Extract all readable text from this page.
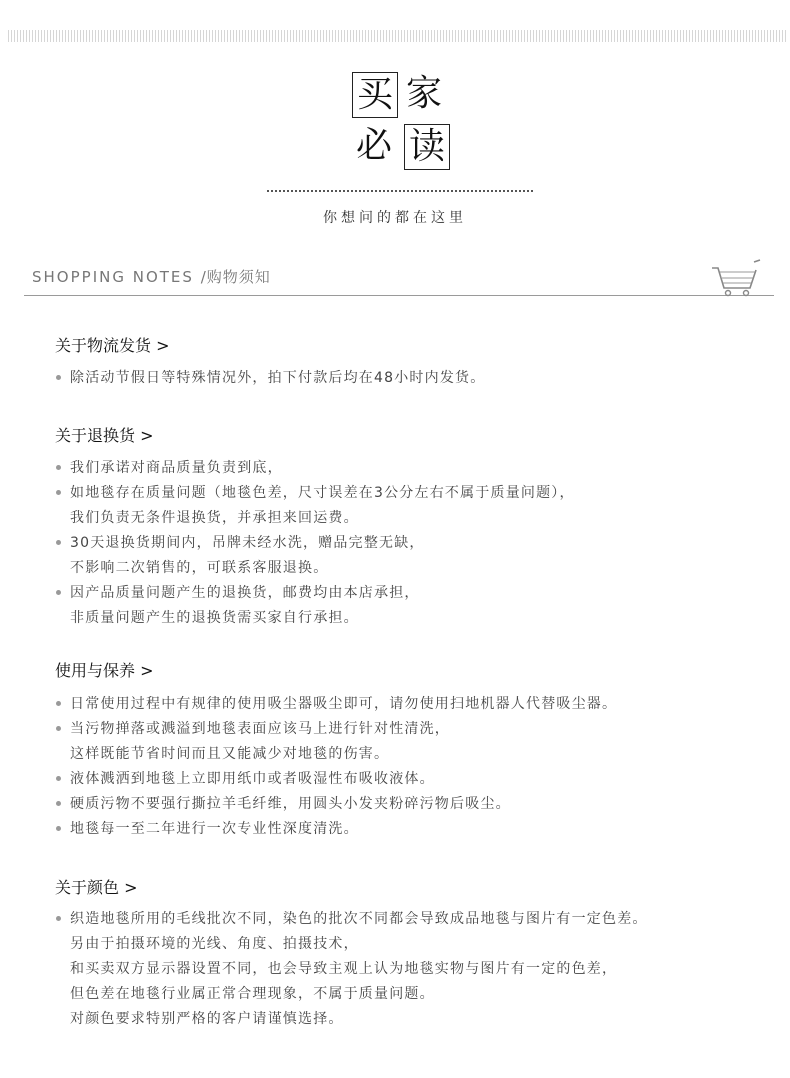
买 家
必 读
你想问的都在这里
SHOPPING NOTES /购物须知
关于物流发货 >
除活动节假日等特殊情况外，拍下付款后均在48小时内发货。
关于退换货 >
我们承诺对商品质量负责到底，
如地毯存在质量问题（地毯色差，尺寸误差在3公分左右不属于质量问题），
我们负责无条件退换货，并承担来回运费。
30天退换货期间内，吊牌未经水洗，赠品完整无缺，
不影响二次销售的，可联系客服退换。
因产品质量问题产生的退换货，邮费均由本店承担，
非质量问题产生的退换货需买家自行承担。
使用与保养 >
日常使用过程中有规律的使用吸尘器吸尘即可，请勿使用扫地机器人代替吸尘器。
当污物掸落或溅溢到地毯表面应该马上进行针对性清洗，
这样既能节省时间而且又能减少对地毯的伤害。
液体溅洒到地毯上立即用纸巾或者吸湿性布吸收液体。
硬质污物不要强行撕拉羊毛纤维，用圆头小发夹粉碎污物后吸尘。
地毯每一至二年进行一次专业性深度清洗。
关于颜色 >
织造地毯所用的毛线批次不同，染色的批次不同都会导致成品地毯与图片有一定色差。
另由于拍摄环境的光线、角度、拍摄技术，
和买卖双方显示器设置不同，也会导致主观上认为地毯实物与图片有一定的色差，
但色差在地毯行业属正常合理现象，不属于质量问题。
对颜色要求特别严格的客户请谨慎选择。
